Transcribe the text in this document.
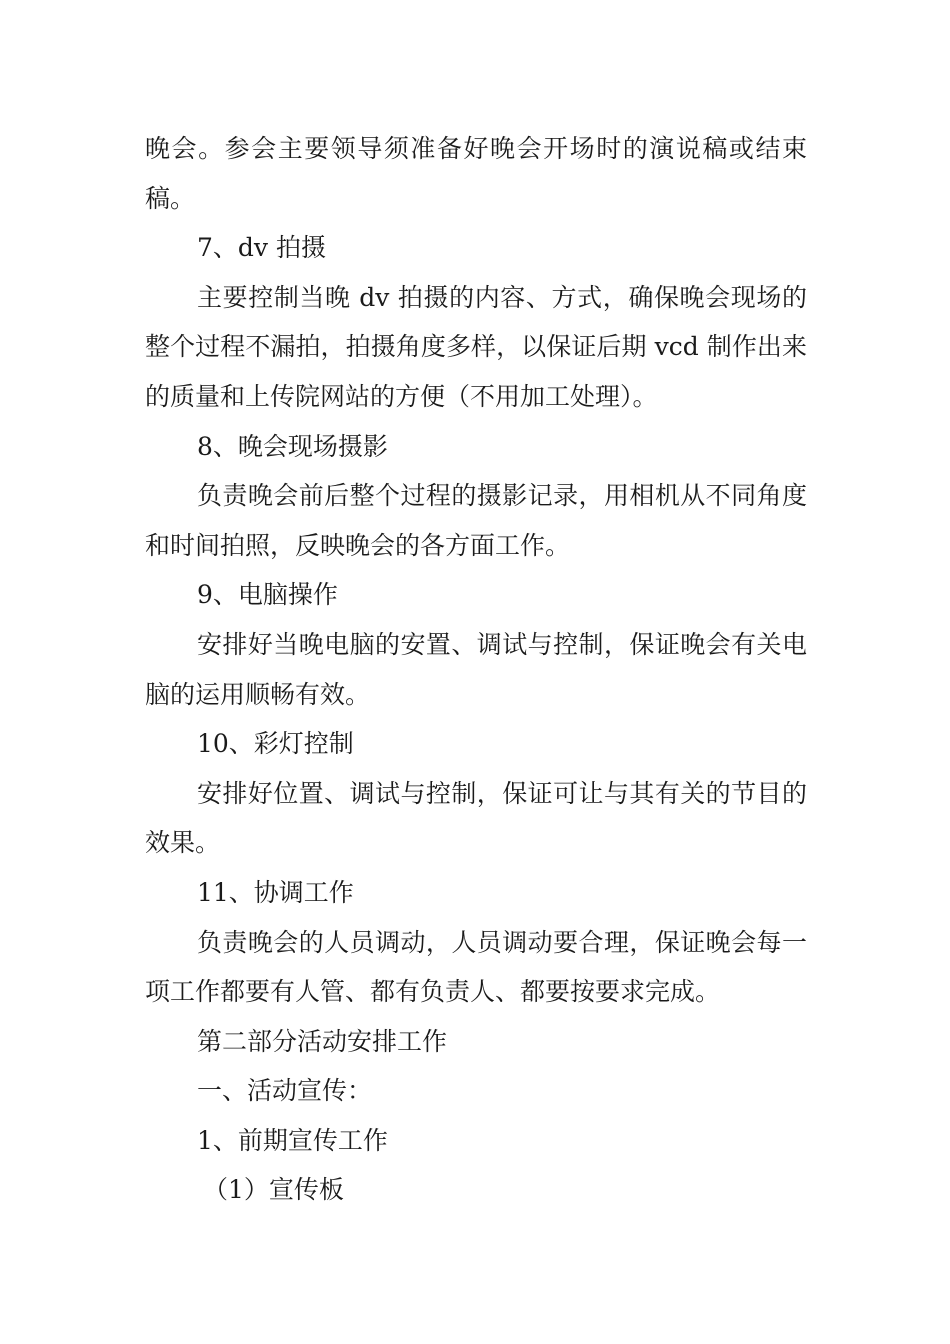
晚会。参会主要领导须准备好晚会开场时的演说稿或结束稿。

7、dv 拍摄

主要控制当晚 dv 拍摄的内容、方式，确保晚会现场的整个过程不漏拍，拍摄角度多样，以保证后期 vcd 制作出来的质量和上传院网站的方便（不用加工处理）。

8、晚会现场摄影

负责晚会前后整个过程的摄影记录，用相机从不同角度和时间拍照，反映晚会的各方面工作。

9、电脑操作

安排好当晚电脑的安置、调试与控制，保证晚会有关电脑的运用顺畅有效。

10、彩灯控制

安排好位置、调试与控制，保证可让与其有关的节目的效果。

11、协调工作

负责晚会的人员调动，人员调动要合理，保证晚会每一项工作都要有人管、都有负责人、都要按要求完成。

第二部分活动安排工作

一、活动宣传：

1、前期宣传工作

（1）宣传板
